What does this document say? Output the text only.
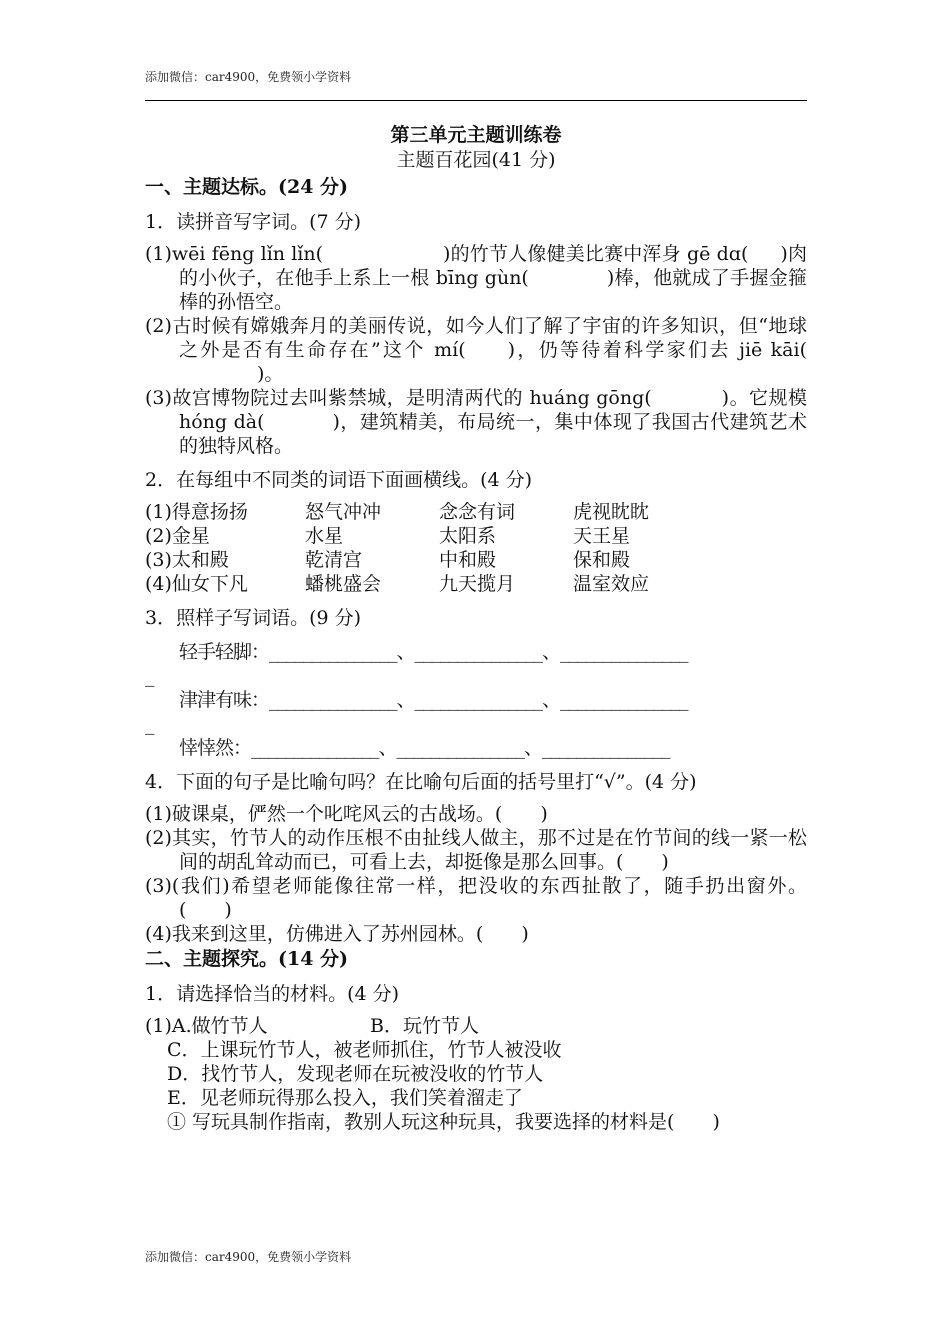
添加微信：car4900，免费领小学资料
第三单元主题训练卷
主题百花园(41 分)
一、主题达标。(24 分)
1．读拼音写字词。(7 分)

(1)wēi fēng lǐn lǐn(	)的竹节人像健美比赛中浑身 gē dɑ( )肉的小伙子，在他手上系上一根 bīng gùn(	)棒，他就成了手握金箍棒的孙悟空。

(2)古时候有嫦娥奔月的美丽传说，如今人们了解了宇宙的许多知识，但“地球之外是否有生命存在”这个 mí( )，仍等待着科学家们去 jiē kāi()。

(3)故宫博物院过去叫紫禁城，是明清两代的 huáng gōng(	)。它规模 hóng dà(	)，建筑精美，布局统一，集中体现了我国古代建筑艺术的独特风格。

2．在每组中不同类的词语下面画横线。(4 分)
(1)得意扬扬	怒气冲冲	念念有词	虎视眈眈
(2)金星	水星	太阳系	天王星
(3)太和殿	乾清宫	中和殿	保和殿
(4)仙女下凡	蟠桃盛会	九天揽月	温室效应
3．照样子写词语。(9 分)
轻手轻脚：_______________、_______________、_______________
_
津津有味：_______________、_______________、_______________
_
悻悻然：_______________、_______________、_______________
4．下面的句子是比喻句吗？在比喻句后面的括号里打“√”。(4 分)

(1)破课桌，俨然一个叱咤风云的古战场。(　　)

(2)其实，竹节人的动作压根不由扯线人做主，那不过是在竹节间的线一紧一松间的胡乱耸动而已，可看上去，却挺像是那么回事。(　　)

(3)(我们)希望老师能像往常一样，把没收的东西扯散了，随手扔出窗外。(　　)

(4)我来到这里，仿佛进入了苏州园林。(　　)

二、主题探究。(14 分)
1．请选择恰当的材料。(4 分)
(1)A.做竹节人	B．玩竹节人
C．上课玩竹节人，被老师抓住，竹节人被没收
D．找竹节人，发现老师在玩被没收的竹节人
E．见老师玩得那么投入，我们笑着溜走了
① 写玩具制作指南，教别人玩这种玩具，我要选择的材料是(　　)
添加微信：car4900，免费领小学资料
